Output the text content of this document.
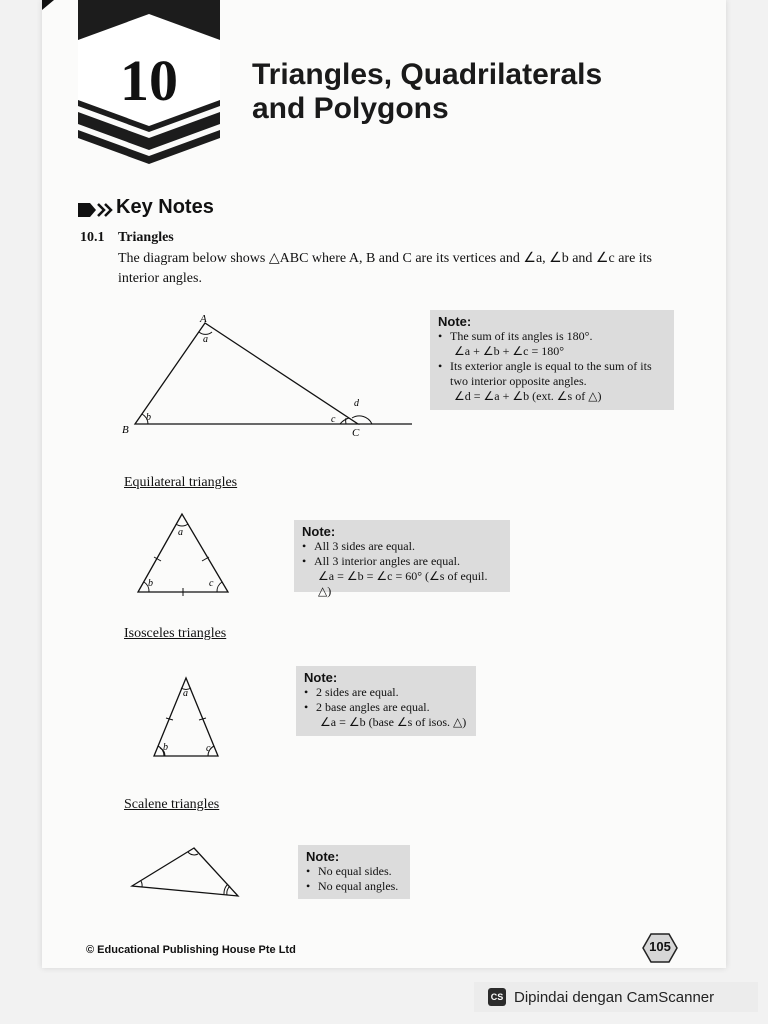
10	Triangles, Quadrilaterals
and Polygons
Key Notes
10.1 Triangles
The diagram below shows △ABC where A, B and C are its vertices and ∠a, ∠b and ∠c are its interior angles.
A
a
B
b
C
c
d
Note:
• The sum of its angles is 180°.
∠a + ∠b + ∠c = 180°
• Its exterior angle is equal to the sum of its two interior opposite angles.
∠d = ∠a + ∠b (ext. ∠s of △)
Equilateral triangles
a
b	c
Note:
• All 3 sides are equal.
• All 3 interior angles are equal.
∠a = ∠b = ∠c = 60° (∠s of equil. △)
Isosceles triangles
a
b	c
Note:
• 2 sides are equal.
• 2 base angles are equal.
∠a = ∠b (base ∠s of isos. △)
Scalene triangles
Note:
• No equal sides.
• No equal angles.
© Educational Publishing House Pte Ltd	105
CS Dipindai dengan CamScanner
